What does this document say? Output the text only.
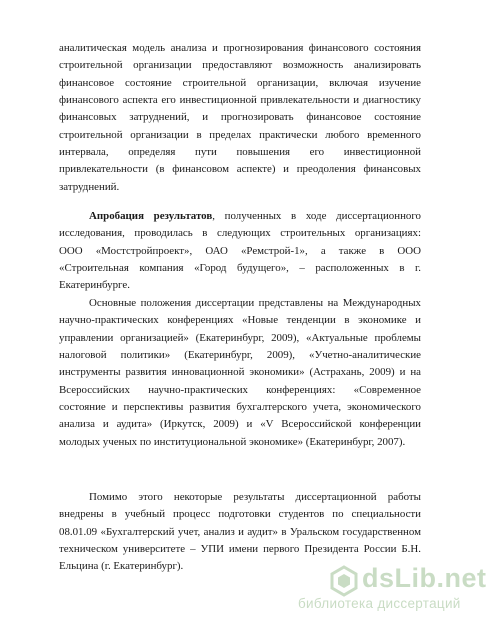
аналитическая модель анализа и прогнозирования финансового состояния
строительной организации предоставляют возможность анализировать
финансовое состояние строительной организации, включая изучение
финансового аспекта его инвестиционной привлекательности и диагностику
финансовых затруднений, и прогнозировать финансовое состояние
строительной организации в пределах практически любого временного
интервала, определяя пути повышения его инвестиционной
привлекательности (в финансовом аспекте) и преодоления финансовых
затруднений.

Апробация результатов, полученных в ходе диссертационного
исследования, проводилась в следующих строительных организациях:
ООО «Мостстройпроект», ОАО «Ремстрой-1», а также в ООО
«Строительная компания «Город будущего», – расположенных в г.
Екатеринбурге.

Основные положения диссертации представлены на Международных
научно-практических конференциях «Новые тенденции в экономике и
управлении организацией» (Екатеринбург, 2009), «Актуальные проблемы
налоговой политики» (Екатеринбург, 2009), «Учетно-аналитические
инструменты развития инновационной экономики» (Астрахань, 2009) и на
Всероссийских научно-практических конференциях: «Современное
состояние и перспективы развития бухгалтерского учета, экономического
анализа и аудита» (Иркутск, 2009) и «V Всероссийской конференции
молодых ученых по институциональной экономике» (Екатеринбург, 2007).

Помимо этого некоторые результаты диссертационной работы
внедрены в учебный процесс подготовки студентов по специальности
08.01.09 «Бухгалтерский учет, анализ и аудит» в Уральском государственном
техническом университете – УПИ имени первого Президента России Б.Н.
Ельцина (г. Екатеринбург).	dsLib.net
библиотека диссертаций
